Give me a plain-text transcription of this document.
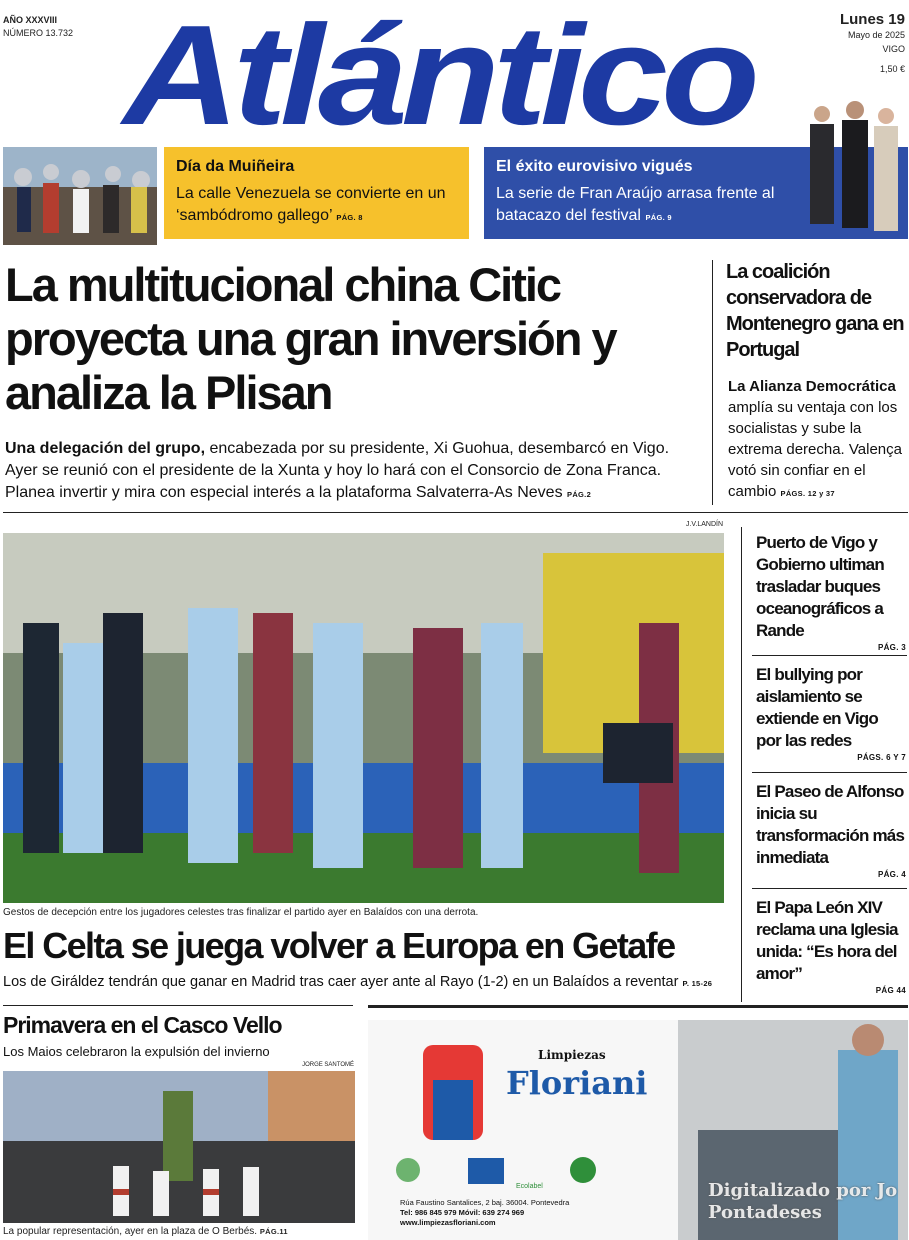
AÑO XXXVIII
NÚMERO 13.732 Atlántico	Lunes 19
Mayo de 2025
VIGO
1,50 €
Día da Muiñeira
La calle Venezuela se convierte en un ‘sambódromo gallego’ PÁG. 8
El éxito eurovisivo vigués
La serie de Fran Araújo arrasa frente al batacazo del festival PÁG. 9
La multitucional china Citic proyecta una gran inversión y analiza la Plisan
Una delegación del grupo, encabezada por su presidente, Xi Guohua, desembarcó en Vigo. Ayer se reunió con el presidente de la Xunta y hoy lo hará con el Consorcio de Zona Franca. Planea invertir y mira con especial interés a la plataforma Salvaterra-As Neves PÁG.2
La coalición conservadora de Montenegro gana en Portugal
La Alianza Democrática amplía su ventaja con los socialistas y sube la extrema derecha. Valença votó sin confiar en el cambio PÁGS. 12 y 37
J.V.LANDÍN
Gestos de decepción entre los jugadores celestes tras finalizar el partido ayer en Balaídos con una derrota.
El Celta se juega volver a Europa en Getafe
Los de Giráldez tendrán que ganar en Madrid tras caer ayer ante al Rayo (1-2) en un Balaídos a reventar P. 15-26
Puerto de Vigo y Gobierno ultiman trasladar buques oceanográficos a Rande
PÁG. 3
El bullying por aislamiento se extiende en Vigo por las redes
PÁGS. 6 Y 7
El Paseo de Alfonso inicia su transformación más inmediata
PÁG. 4
El Papa León XIV reclama una Iglesia unida: “Es hora del amor”
PÁG 44
Primavera en el Casco Vello
Los Maios celebraron la expulsión del invierno
JORGE SANTOMÉ
La popular representación, ayer en la plaza de O Berbés. PÁG.11
Limpiezas
Floriani
Ecolabel
Rúa Faustino Santalices, 2 baj. 36004. Pontevedra
Tel: 986 845 979 Móvil: 639 274 969
www.limpiezasfloriani.com
Digitalizado por Jo Pontadeses
